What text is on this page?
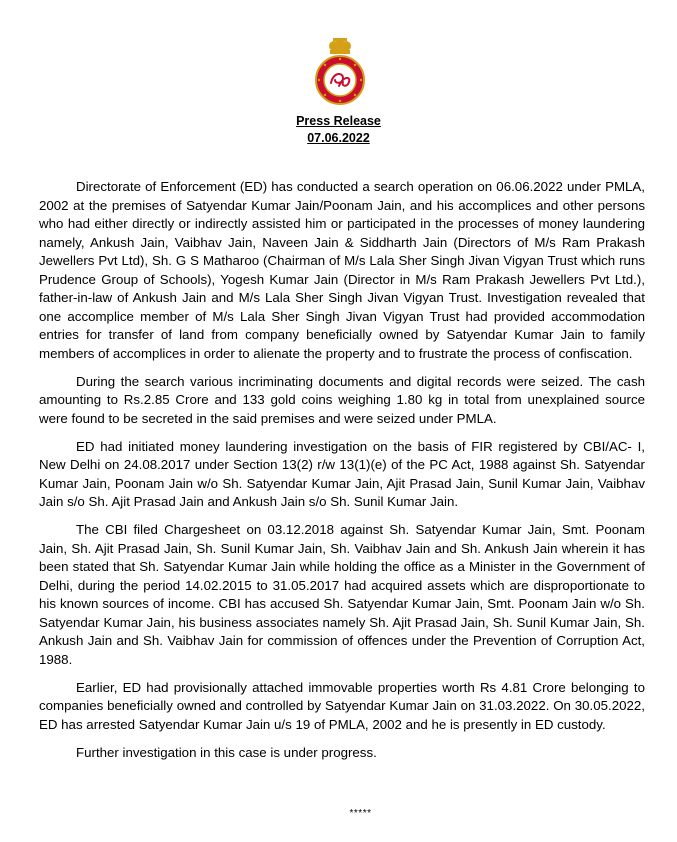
Press Release
07.06.2022

Directorate of Enforcement (ED) has conducted a search operation on 06.06.2022 under PMLA, 2002 at the premises of Satyendar Kumar Jain/Poonam Jain, and his accomplices and other persons who had either directly or indirectly assisted him or participated in the processes of money laundering namely, Ankush Jain, Vaibhav Jain, Naveen Jain & Siddharth Jain (Directors of M/s Ram Prakash Jewellers Pvt Ltd), Sh. G S Matharoo (Chairman of M/s Lala Sher Singh Jivan Vigyan Trust which runs Prudence Group of Schools), Yogesh Kumar Jain (Director in M/s Ram Prakash Jewellers Pvt Ltd.), father-in-law of Ankush Jain and M/s Lala Sher Singh Jivan Vigyan Trust. Investigation revealed that one accomplice member of M/s Lala Sher Singh Jivan Vigyan Trust had provided accommodation entries for transfer of land from company beneficially owned by Satyendar Kumar Jain to family members of accomplices in order to alienate the property and to frustrate the process of confiscation.

During the search various incriminating documents and digital records were seized. The cash amounting to Rs.2.85 Crore and 133 gold coins weighing 1.80 kg in total from unexplained source were found to be secreted in the said premises and were seized under PMLA.

ED had initiated money laundering investigation on the basis of FIR registered by CBI/AC- I, New Delhi on 24.08.2017 under Section 13(2) r/w 13(1)(e) of the PC Act, 1988 against Sh. Satyendar Kumar Jain, Poonam Jain w/o Sh. Satyendar Kumar Jain, Ajit Prasad Jain, Sunil Kumar Jain, Vaibhav Jain s/o Sh. Ajit Prasad Jain and Ankush Jain s/o Sh. Sunil Kumar Jain.

The CBI filed Chargesheet on 03.12.2018 against Sh. Satyendar Kumar Jain, Smt. Poonam Jain, Sh. Ajit Prasad Jain, Sh. Sunil Kumar Jain, Sh. Vaibhav Jain and Sh. Ankush Jain wherein it has been stated that Sh. Satyendar Kumar Jain while holding the office as a Minister in the Government of Delhi, during the period 14.02.2015 to 31.05.2017 had acquired assets which are disproportionate to his known sources of income. CBI has accused Sh. Satyendar Kumar Jain, Smt. Poonam Jain w/o Sh. Satyendar Kumar Jain, his business associates namely Sh. Ajit Prasad Jain, Sh. Sunil Kumar Jain, Sh. Ankush Jain and Sh. Vaibhav Jain for commission of offences under the Prevention of Corruption Act, 1988.

Earlier, ED had provisionally attached immovable properties worth Rs 4.81 Crore belonging to companies beneficially owned and controlled by Satyendar Kumar Jain on 31.03.2022. On 30.05.2022, ED has arrested Satyendar Kumar Jain u/s 19 of PMLA, 2002 and he is presently in ED custody.

Further investigation in this case is under progress.

*****
